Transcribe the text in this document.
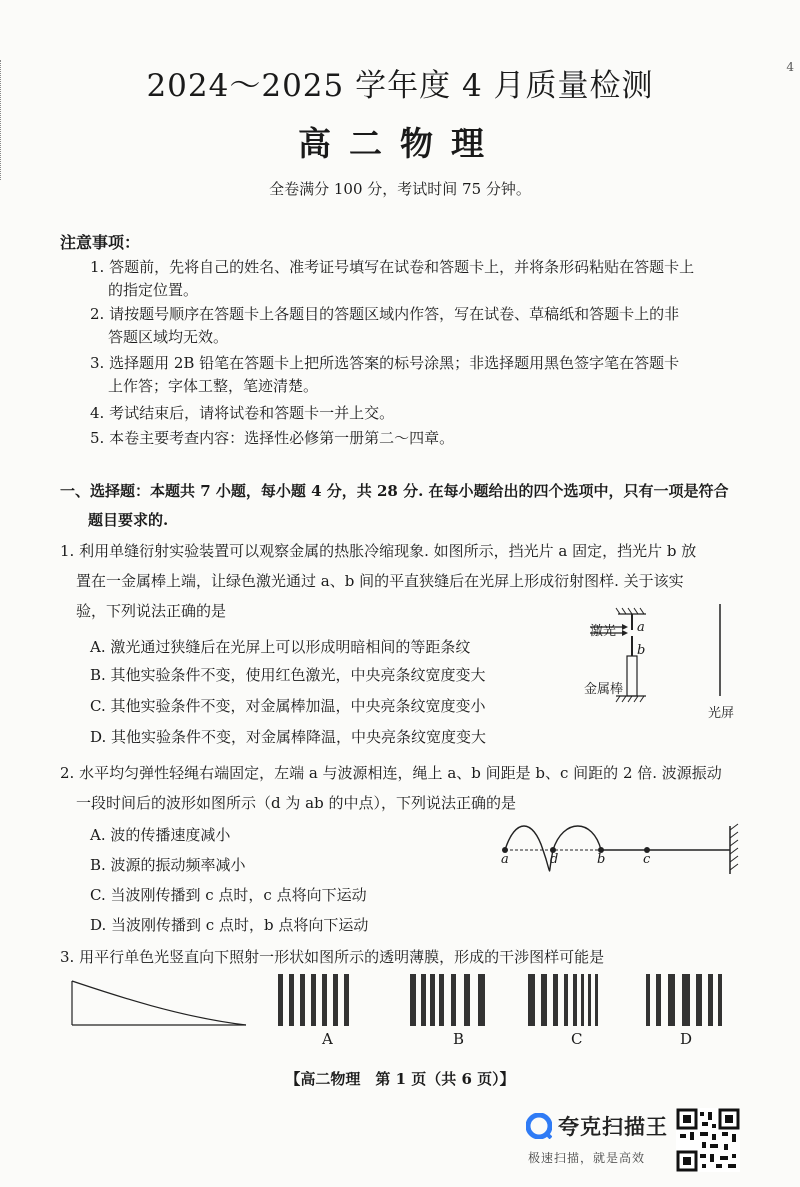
4
2024～2025 学年度 4 月质量检测
高二物理
全卷满分 100 分，考试时间 75 分钟。
注意事项：
1. 答题前，先将自己的姓名、准考证号填写在试卷和答题卡上，并将条形码粘贴在答题卡上
的指定位置。
2. 请按题号顺序在答题卡上各题目的答题区域内作答，写在试卷、草稿纸和答题卡上的非
答题区域均无效。
3. 选择题用 2B 铅笔在答题卡上把所选答案的标号涂黑；非选择题用黑色签字笔在答题卡
上作答；字体工整，笔迹清楚。
4. 考试结束后，请将试卷和答题卡一并上交。
5. 本卷主要考查内容：选择性必修第一册第二～四章。
一、选择题：本题共 7 小题，每小题 4 分，共 28 分. 在每小题给出的四个选项中，只有一项是符合
题目要求的.
1. 利用单缝衍射实验装置可以观察金属的热胀冷缩现象. 如图所示，挡光片 a 固定，挡光片 b 放
置在一金属棒上端，让绿色激光通过 a、b 间的平直狭缝后在光屏上形成衍射图样. 关于该实
验，下列说法正确的是
A. 激光通过狭缝后在光屏上可以形成明暗相间的等距条纹
B. 其他实验条件不变，使用红色激光，中央亮条纹宽度变大
C. 其他实验条件不变，对金属棒加温，中央亮条纹宽度变小
D. 其他实验条件不变，对金属棒降温，中央亮条纹宽度变大
激光 a
b
金属棒
光屏
2. 水平均匀弹性轻绳右端固定，左端 a 与波源相连，绳上 a、b 间距是 b、c 间距的 2 倍. 波源振动
一段时间后的波形如图所示（d 为 ab 的中点），下列说法正确的是
A. 波的传播速度减小
B. 波源的振动频率减小
C. 当波刚传播到 c 点时，c 点将向下运动
D. 当波刚传播到 c 点时，b 点将向下运动
a	d	b	c
3. 用平行单色光竖直向下照射一形状如图所示的透明薄膜，形成的干涉图样可能是
A	B	C	D
【高二物理　第 1 页（共 6 页）】
夸克扫描王
极速扫描，就是高效
